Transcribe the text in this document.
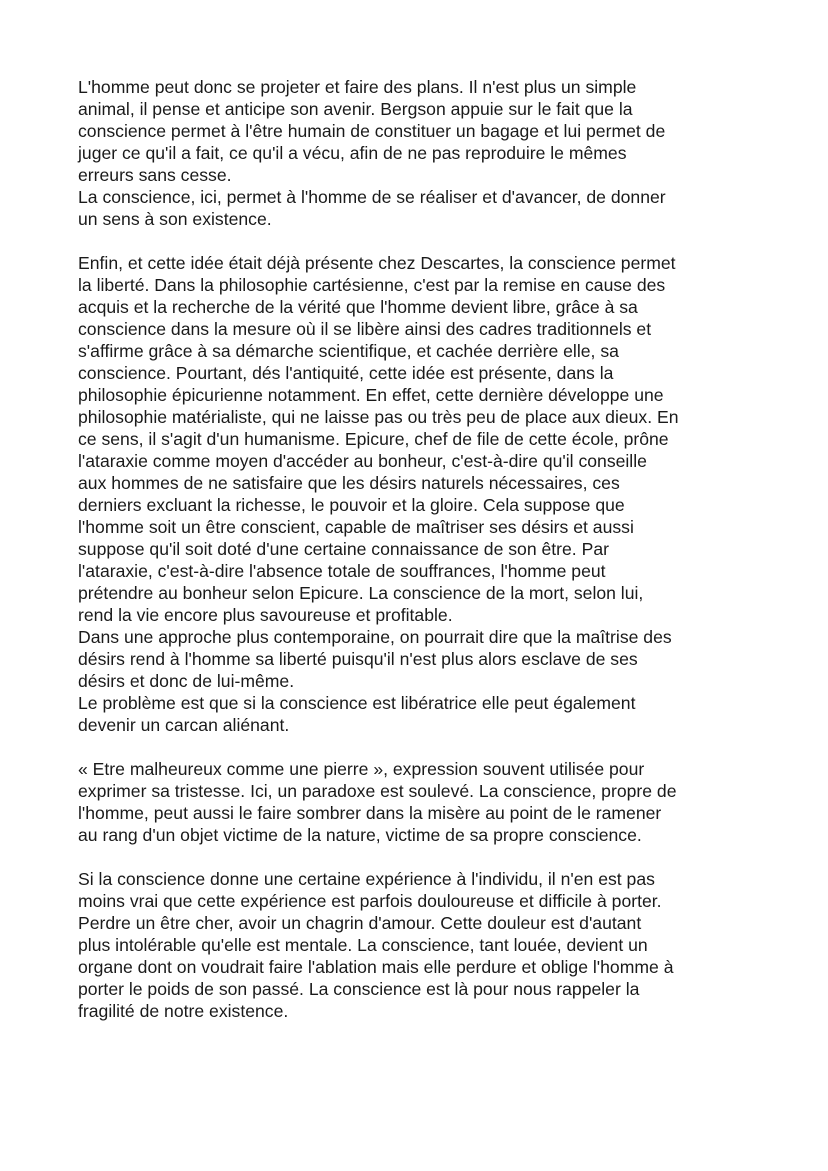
L'homme peut donc se projeter et faire des plans. Il n'est plus un simple
animal, il pense et anticipe son avenir. Bergson appuie sur le fait que la
conscience permet à l'être humain de constituer un bagage et lui permet de
juger ce qu'il a fait, ce qu'il a vécu, afin de ne pas reproduire le mêmes
erreurs sans cesse.
La conscience, ici, permet à l'homme de se réaliser et d'avancer, de donner
un sens à son existence.
Enfin, et cette idée était déjà présente chez Descartes, la conscience permet
la liberté. Dans la philosophie cartésienne, c'est par la remise en cause des
acquis et la recherche de la vérité que l'homme devient libre, grâce à sa
conscience dans la mesure où il se libère ainsi des cadres traditionnels et
s'affirme grâce à sa démarche scientifique, et cachée derrière elle, sa
conscience. Pourtant, dés l'antiquité, cette idée est présente, dans la
philosophie épicurienne notamment. En effet, cette dernière développe une
philosophie matérialiste, qui ne laisse pas ou très peu de place aux dieux. En
ce sens, il s'agit d'un humanisme. Epicure, chef de file de cette école, prône
l'ataraxie comme moyen d'accéder au bonheur, c'est-à-dire qu'il conseille
aux hommes de ne satisfaire que les désirs naturels nécessaires, ces
derniers excluant la richesse, le pouvoir et la gloire. Cela suppose que
l'homme soit un être conscient, capable de maîtriser ses désirs et aussi
suppose qu'il soit doté d'une certaine connaissance de son être. Par
l'ataraxie, c'est-à-dire l'absence totale de souffrances, l'homme peut
prétendre au bonheur selon Epicure. La conscience de la mort, selon lui,
rend la vie encore plus savoureuse et profitable.
Dans une approche plus contemporaine, on pourrait dire que la maîtrise des
désirs rend à l'homme sa liberté puisqu'il n'est plus alors esclave de ses
désirs et donc de lui-même.
Le problème est que si la conscience est libératrice elle peut également
devenir un carcan aliénant.
« Etre malheureux comme une pierre », expression souvent utilisée pour
exprimer sa tristesse. Ici, un paradoxe est soulevé. La conscience, propre de
l'homme, peut aussi le faire sombrer dans la misère au point de le ramener
au rang d'un objet victime de la nature, victime de sa propre conscience.
Si la conscience donne une certaine expérience à l'individu, il n'en est pas
moins vrai que cette expérience est parfois douloureuse et difficile à porter.
Perdre un être cher, avoir un chagrin d'amour. Cette douleur est d'autant
plus intolérable qu'elle est mentale. La conscience, tant louée, devient un
organe dont on voudrait faire l'ablation mais elle perdure et oblige l'homme à
porter le poids de son passé. La conscience est là pour nous rappeler la
fragilité de notre existence.
